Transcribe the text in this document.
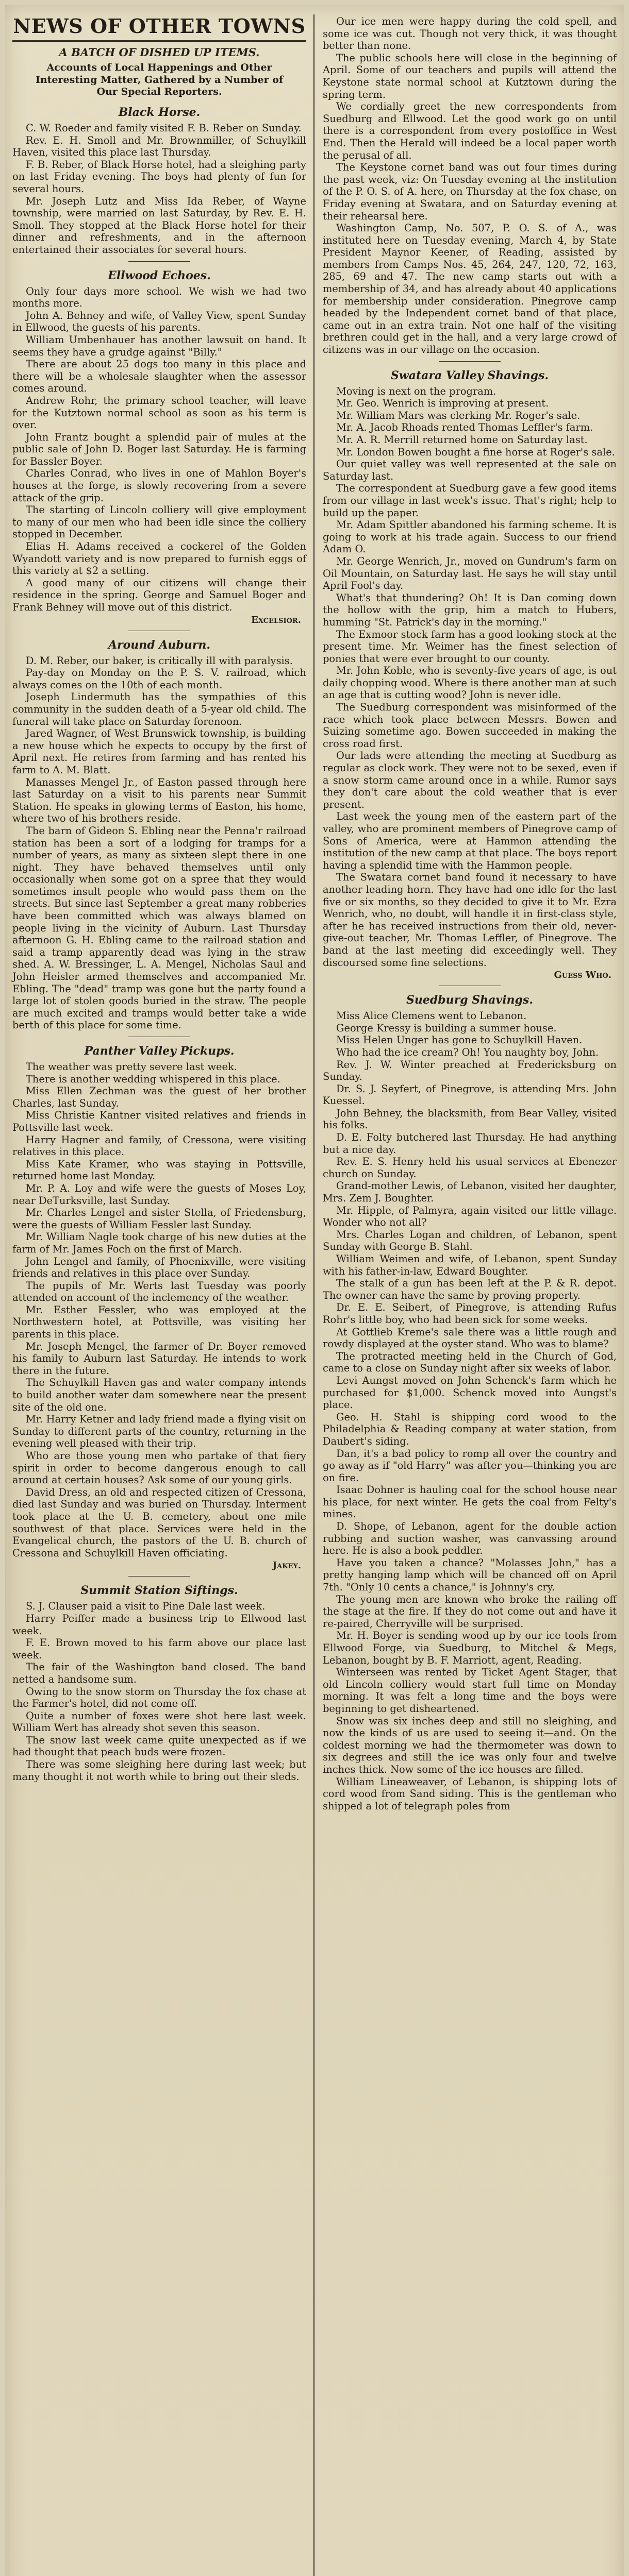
NEWS OF OTHER TOWNS
A BATCH OF DISHED UP ITEMS.
Accounts of Local Happenings and Other Interesting Matter, Gathered by a Number of Our Special Reporters.
Black Horse.

C. W. Roeder and family visited F. B. Reber on Sunday.

Rev. E. H. Smoll and Mr. Brownmiller, of Schuylkill Haven, visited this place last Thursday.

F. B. Reber, of Black Horse hotel, had a sleighing party on last Friday evening. The boys had plenty of fun for several hours.

Mr. Joseph Lutz and Miss Ida Reber, of Wayne township, were married on last Saturday, by Rev. E. H. Smoll. They stopped at the Black Horse hotel for their dinner and refreshments, and in the afternoon entertained their associates for several hours.

Ellwood Echoes.

Only four days more school. We wish we had two months more.

John A. Behney and wife, of Valley View, spent Sunday in Ellwood, the guests of his parents.

William Umbenhauer has another lawsuit on hand. It seems they have a grudge against "Billy."

There are about 25 dogs too many in this place and there will be a wholesale slaughter when the assessor comes around.

Andrew Rohr, the primary school teacher, will leave for the Kutztown normal school as soon as his term is over.

John Frantz bought a splendid pair of mules at the public sale of John D. Boger last Saturday. He is farming for Bassler Boyer.

Charles Conrad, who lives in one of Mahlon Boyer's houses at the forge, is slowly recovering from a severe attack of the grip.

The starting of Lincoln colliery will give employment to many of our men who had been idle since the colliery stopped in December.

Elias H. Adams received a cockerel of the Golden Wyandott variety and is now prepared to furnish eggs of this variety at $2 a setting.

A good many of our citizens will change their residence in the spring. George and Samuel Boger and Frank Behney will move out of this district.

Excelsior.
Around Auburn.

D. M. Reber, our baker, is critically ill with paralysis.

Pay-day on Monday on the P. S. V. railroad, which always comes on the 10th of each month.

Joseph Lindermuth has the sympathies of this community in the sudden death of a 5-year old child. The funeral will take place on Saturday forenoon.

Jared Wagner, of West Brunswick township, is building a new house which he expects to occupy by the first of April next. He retires from farming and has rented his farm to A. M. Blatt.

Manasses Mengel Jr., of Easton passed through here last Saturday on a visit to his parents near Summit Station. He speaks in glowing terms of Easton, his home, where two of his brothers reside.

The barn of Gideon S. Ebling near the Penna'r railroad station has been a sort of a lodging for tramps for a number of years, as many as sixteen slept there in one night. They have behaved themselves until only occasionally when some got on a spree that they would sometimes insult people who would pass them on the streets. But since last September a great many robberies have been committed which was always blamed on people living in the vicinity of Auburn. Last Thursday afternoon G. H. Ebling came to the railroad station and said a tramp apparently dead was lying in the straw shed. A. W. Bressinger, L. A. Mengel, Nicholas Saul and John Heisler armed themselves and accompanied Mr. Ebling. The "dead" tramp was gone but the party found a large lot of stolen goods buried in the straw. The people are much excited and tramps would better take a wide berth of this place for some time.

Panther Valley Pickups.

The weather was pretty severe last week.

There is another wedding whispered in this place.

Miss Ellen Zechman was the guest of her brother Charles, last Sunday.

Miss Christie Kantner visited relatives and friends in Pottsville last week.

Harry Hagner and family, of Cressona, were visiting relatives in this place.

Miss Kate Kramer, who was staying in Pottsville, returned home last Monday.

Mr. P. A. Loy and wife were the guests of Moses Loy, near DeTurksville, last Sunday.

Mr. Charles Lengel and sister Stella, of Friedensburg, were the guests of William Fessler last Sunday.

Mr. William Nagle took charge of his new duties at the farm of Mr. James Foch on the first of March.

John Lengel and family, of Phoenixville, were visiting friends and relatives in this place over Sunday.

The pupils of Mr. Werts last Tuesday was poorly attended on account of the inclemency of the weather.

Mr. Esther Fessler, who was employed at the Northwestern hotel, at Pottsville, was visiting her parents in this place.

Mr. Joseph Mengel, the farmer of Dr. Boyer removed his family to Auburn last Saturday. He intends to work there in the future.

The Schuylkill Haven gas and water company intends to build another water dam somewhere near the present site of the old one.

Mr. Harry Ketner and lady friend made a flying visit on Sunday to different parts of the country, returning in the evening well pleased with their trip.

Who are those young men who partake of that fiery spirit in order to become dangerous enough to call around at certain houses? Ask some of our young girls.

David Dress, an old and respected citizen of Cressona, died last Sunday and was buried on Thursday. Interment took place at the U. B. cemetery, about one mile southwest of that place. Services were held in the Evangelical church, the pastors of the U. B. church of Cressona and Schuylkill Haven officiating.

Jakey.
Summit Station Siftings.

S. J. Clauser paid a visit to Pine Dale last week.

Harry Peiffer made a business trip to Ellwood last week.

F. E. Brown moved to his farm above our place last week.

The fair of the Washington band closed. The band netted a handsome sum.

Owing to the snow storm on Thursday the fox chase at the Farmer's hotel, did not come off.

Quite a number of foxes were shot here last week. William Wert has already shot seven this season.

The snow last week came quite unexpected as if we had thought that peach buds were frozen.

There was some sleighing here during last week; but many thought it not worth while to bring out their sleds.

Our ice men were happy during the cold spell, and some ice was cut. Though not very thick, it was thought better than none.

The public schools here will close in the beginning of April. Some of our teachers and pupils will attend the Keystone state normal school at Kutztown during the spring term.

We cordially greet the new correspondents from Suedburg and Ellwood. Let the good work go on until there is a correspondent from every postoffice in West End. Then the Herald will indeed be a local paper worth the perusal of all.

The Keystone cornet band was out four times during the past week, viz: On Tuesday evening at the institution of the P. O. S. of A. here, on Thursday at the fox chase, on Friday evening at Swatara, and on Saturday evening at their rehearsal here.

Washington Camp, No. 507, P. O. S. of A., was instituted here on Tuesday evening, March 4, by State President Maynor Keener, of Reading, assisted by members from Camps Nos. 45, 264, 247, 120, 72, 163, 285, 69 and 47. The new camp starts out with a membership of 34, and has already about 40 applications for membership under consideration. Pinegrove camp headed by the Independent cornet band of that place, came out in an extra train. Not one half of the visiting brethren could get in the hall, and a very large crowd of citizens was in our village on the occasion.

Swatara Valley Shavings.

Moving is next on the program.

Mr. Geo. Wenrich is improving at present.

Mr. William Mars was clerking Mr. Roger's sale.

Mr. A. Jacob Rhoads rented Thomas Leffler's farm.

Mr. A. R. Merrill returned home on Saturday last.

Mr. London Bowen bought a fine horse at Roger's sale.

Our quiet valley was well represented at the sale on Saturday last.

The correspondent at Suedburg gave a few good items from our village in last week's issue. That's right; help to build up the paper.

Mr. Adam Spittler abandoned his farming scheme. It is going to work at his trade again. Success to our friend Adam O.

Mr. George Wenrich, Jr., moved on Gundrum's farm on Oil Mountain, on Saturday last. He says he will stay until April Fool's day.

What's that thundering? Oh! It is Dan coming down the hollow with the grip, him a match to Hubers, humming "St. Patrick's day in the morning."

The Exmoor stock farm has a good looking stock at the present time. Mr. Weimer has the finest selection of ponies that were ever brought to our county.

Mr. John Koble, who is seventy-five years of age, is out daily chopping wood. Where is there another man at such an age that is cutting wood? John is never idle.

The Suedburg correspondent was misinformed of the race which took place between Messrs. Bowen and Suizing sometime ago. Bowen succeeded in making the cross road first.

Our lads were attending the meeting at Suedburg as regular as clock work. They were not to be sexed, even if a snow storm came around once in a while. Rumor says they don't care about the cold weather that is ever present.

Last week the young men of the eastern part of the valley, who are prominent members of Pinegrove camp of Sons of America, were at Hammon attending the institution of the new camp at that place. The boys report having a splendid time with the Hammon people.

The Swatara cornet band found it necessary to have another leading horn. They have had one idle for the last five or six months, so they decided to give it to Mr. Ezra Wenrich, who, no doubt, will handle it in first-class style, after he has received instructions from their old, never-give-out teacher, Mr. Thomas Leffler, of Pinegrove. The band at the last meeting did exceedingly well. They discoursed some fine selections.

Guess Who.
Suedburg Shavings.

Miss Alice Clemens went to Lebanon.

George Kressy is building a summer house.

Miss Helen Unger has gone to Schuylkill Haven.

Who had the ice cream? Oh! You naughty boy, John.

Rev. J. W. Winter preached at Fredericksburg on Sunday.

Dr. S. J. Seyfert, of Pinegrove, is attending Mrs. John Kuessel.

John Behney, the blacksmith, from Bear Valley, visited his folks.

D. E. Folty butchered last Thursday. He had anything but a nice day.

Rev. E. S. Henry held his usual services at Ebenezer church on Sunday.

Grand-mother Lewis, of Lebanon, visited her daughter, Mrs. Zem J. Boughter.

Mr. Hipple, of Palmyra, again visited our little village. Wonder who not all?

Mrs. Charles Logan and children, of Lebanon, spent Sunday with George B. Stahl.

William Weimen and wife, of Lebanon, spent Sunday with his father-in-law, Edward Boughter.

The stalk of a gun has been left at the P. & R. depot. The owner can have the same by proving property.

Dr. E. E. Seibert, of Pinegrove, is attending Rufus Rohr's little boy, who had been sick for some weeks.

At Gottlieb Kreme's sale there was a little rough and rowdy displayed at the oyster stand. Who was to blame?

The protracted meeting held in the Church of God, came to a close on Sunday night after six weeks of labor.

Levi Aungst moved on John Schenck's farm which he purchased for $1,000. Schenck moved into Aungst's place.

Geo. H. Stahl is shipping cord wood to the Philadelphia & Reading company at water station, from Daubert's siding.

Dan, it's a bad policy to romp all over the country and go away as if "old Harry" was after you—thinking you are on fire.

Isaac Dohner is hauling coal for the school house near his place, for next winter. He gets the coal from Felty's mines.

D. Shope, of Lebanon, agent for the double action rubbing and suction washer, was canvassing around here. He is also a book peddler.

Have you taken a chance? "Molasses John," has a pretty hanging lamp which will be chanced off on April 7th. "Only 10 cents a chance," is Johnny's cry.

The young men are known who broke the railing off the stage at the fire. If they do not come out and have it re-paired, Cherryville will be surprised.

Mr. H. Boyer is sending wood up by our ice tools from Ellwood Forge, via Suedburg, to Mitchel & Megs, Lebanon, bought by B. F. Marriott, agent, Reading.

Winterseen was rented by Ticket Agent Stager, that old Lincoln colliery would start full time on Monday morning. It was felt a long time and the boys were beginning to get disheartened.

Snow was six inches deep and still no sleighing, and now the kinds of us are used to seeing it—and. On the coldest morning we had the thermometer was down to six degrees and still the ice was only four and twelve inches thick. Now some of the ice houses are filled.

William Lineaweaver, of Lebanon, is shipping lots of cord wood from Sand siding. This is the gentleman who shipped a lot of telegraph poles from
